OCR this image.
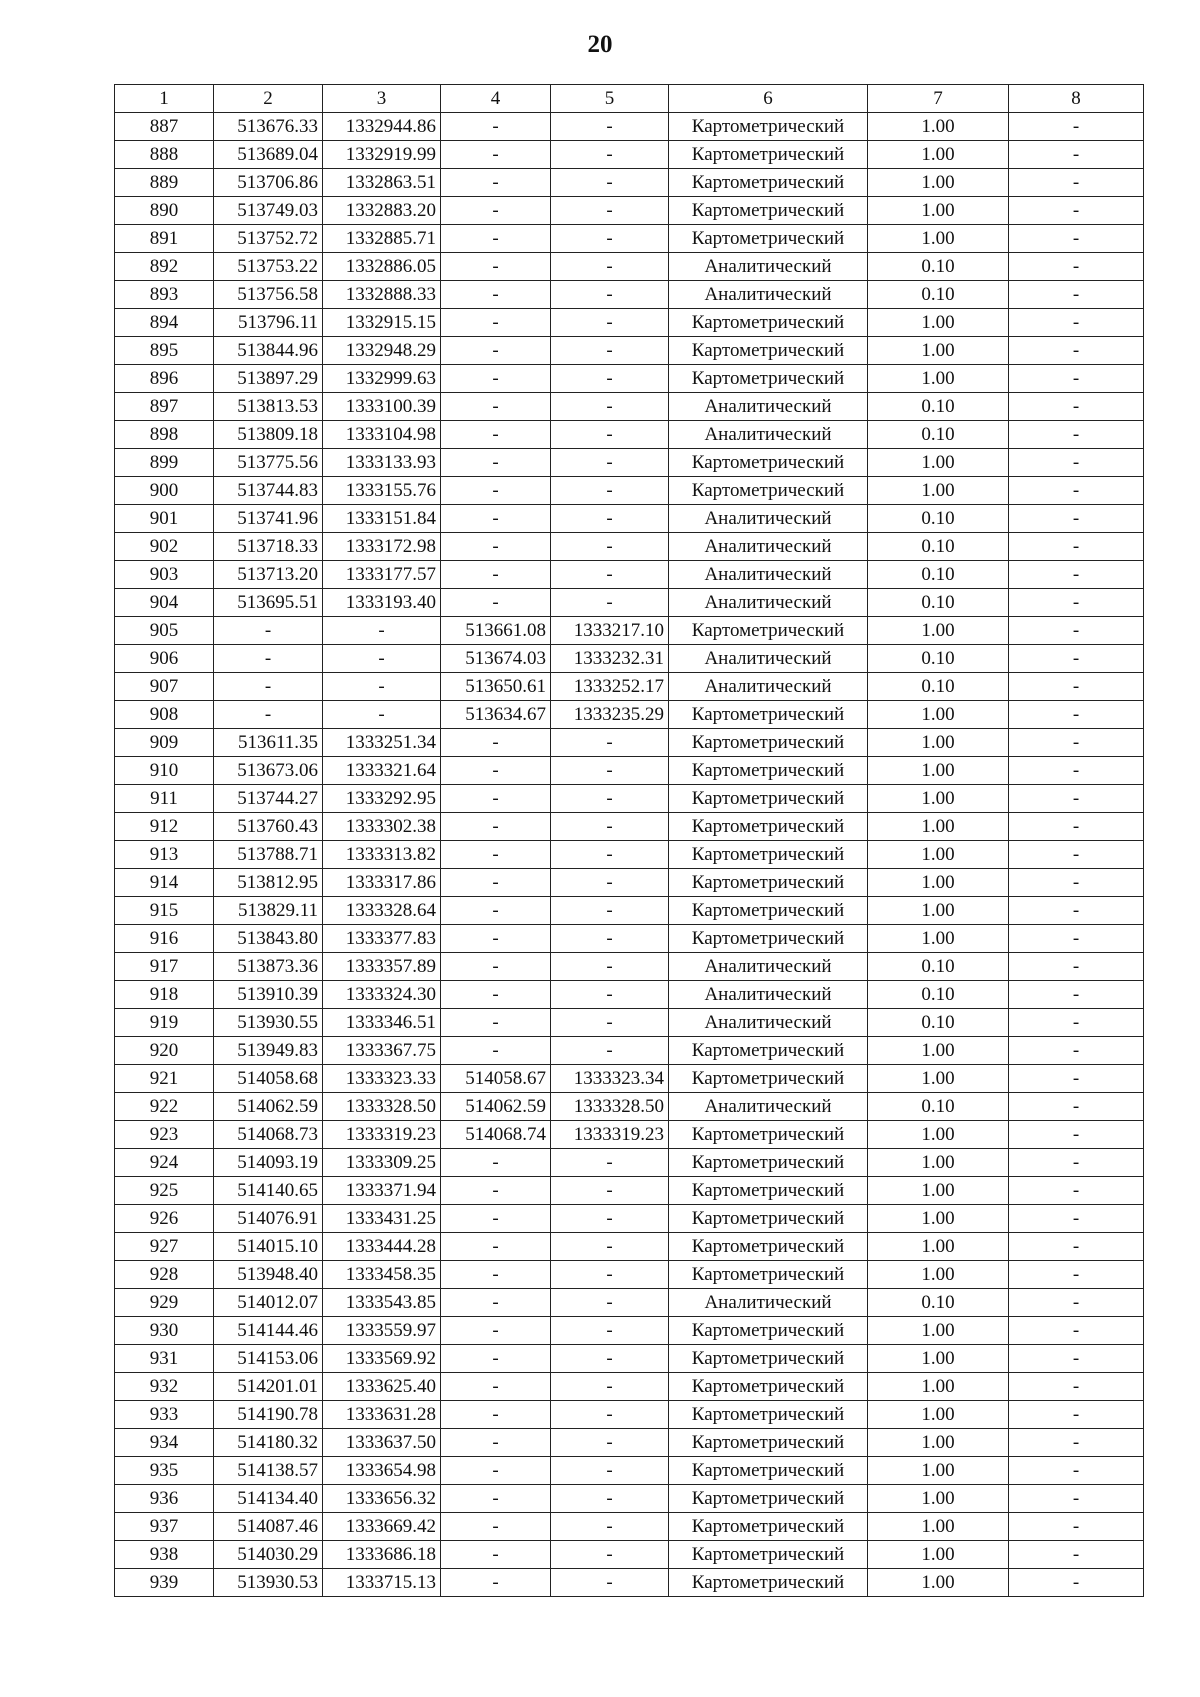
20
1	2	3	4	5	6	7	8
887	513676.33	1332944.86	-	-	Картометрический	1.00	-
888	513689.04	1332919.99	-	-	Картометрический	1.00	-
889	513706.86	1332863.51	-	-	Картометрический	1.00	-
890	513749.03	1332883.20	-	-	Картометрический	1.00	-
891	513752.72	1332885.71	-	-	Картометрический	1.00	-
892	513753.22	1332886.05	-	-	Аналитический	0.10	-
893	513756.58	1332888.33	-	-	Аналитический	0.10	-
894	513796.11	1332915.15	-	-	Картометрический	1.00	-
895	513844.96	1332948.29	-	-	Картометрический	1.00	-
896	513897.29	1332999.63	-	-	Картометрический	1.00	-
897	513813.53	1333100.39	-	-	Аналитический	0.10	-
898	513809.18	1333104.98	-	-	Аналитический	0.10	-
899	513775.56	1333133.93	-	-	Картометрический	1.00	-
900	513744.83	1333155.76	-	-	Картометрический	1.00	-
901	513741.96	1333151.84	-	-	Аналитический	0.10	-
902	513718.33	1333172.98	-	-	Аналитический	0.10	-
903	513713.20	1333177.57	-	-	Аналитический	0.10	-
904	513695.51	1333193.40	-	-	Аналитический	0.10	-
905	-	-	513661.08	1333217.10	Картометрический	1.00	-
906	-	-	513674.03	1333232.31	Аналитический	0.10	-
907	-	-	513650.61	1333252.17	Аналитический	0.10	-
908	-	-	513634.67	1333235.29	Картометрический	1.00	-
909	513611.35	1333251.34	-	-	Картометрический	1.00	-
910	513673.06	1333321.64	-	-	Картометрический	1.00	-
911	513744.27	1333292.95	-	-	Картометрический	1.00	-
912	513760.43	1333302.38	-	-	Картометрический	1.00	-
913	513788.71	1333313.82	-	-	Картометрический	1.00	-
914	513812.95	1333317.86	-	-	Картометрический	1.00	-
915	513829.11	1333328.64	-	-	Картометрический	1.00	-
916	513843.80	1333377.83	-	-	Картометрический	1.00	-
917	513873.36	1333357.89	-	-	Аналитический	0.10	-
918	513910.39	1333324.30	-	-	Аналитический	0.10	-
919	513930.55	1333346.51	-	-	Аналитический	0.10	-
920	513949.83	1333367.75	-	-	Картометрический	1.00	-
921	514058.68	1333323.33	514058.67	1333323.34	Картометрический	1.00	-
922	514062.59	1333328.50	514062.59	1333328.50	Аналитический	0.10	-
923	514068.73	1333319.23	514068.74	1333319.23	Картометрический	1.00	-
924	514093.19	1333309.25	-	-	Картометрический	1.00	-
925	514140.65	1333371.94	-	-	Картометрический	1.00	-
926	514076.91	1333431.25	-	-	Картометрический	1.00	-
927	514015.10	1333444.28	-	-	Картометрический	1.00	-
928	513948.40	1333458.35	-	-	Картометрический	1.00	-
929	514012.07	1333543.85	-	-	Аналитический	0.10	-
930	514144.46	1333559.97	-	-	Картометрический	1.00	-
931	514153.06	1333569.92	-	-	Картометрический	1.00	-
932	514201.01	1333625.40	-	-	Картометрический	1.00	-
933	514190.78	1333631.28	-	-	Картометрический	1.00	-
934	514180.32	1333637.50	-	-	Картометрический	1.00	-
935	514138.57	1333654.98	-	-	Картометрический	1.00	-
936	514134.40	1333656.32	-	-	Картометрический	1.00	-
937	514087.46	1333669.42	-	-	Картометрический	1.00	-
938	514030.29	1333686.18	-	-	Картометрический	1.00	-
939	513930.53	1333715.13	-	-	Картометрический	1.00	-
